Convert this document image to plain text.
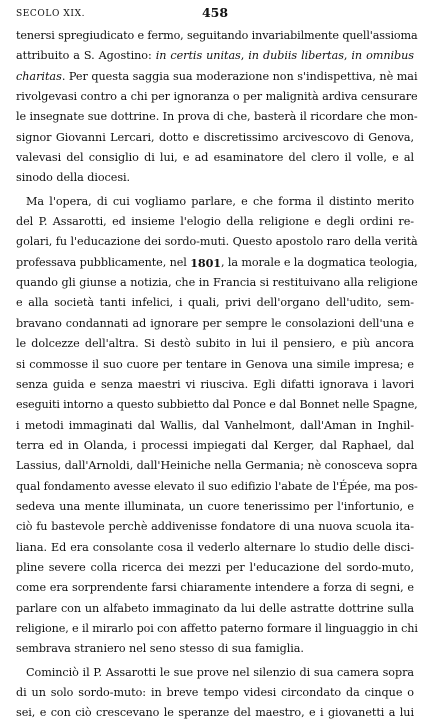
SECOLO XIX.	458
tenersi spregiudicato e fermo, seguitando invariabilmente quell'assioma
attribuito a S. Agostino: in certis unitas , in dubiis libertas , in omnibus
charitas . Per questa saggia sua moderazione non s'indispettiva, nè mai
rivolgevasi contro a chi per ignoranza o per malignità ardiva censurare
le insegnate sue dottrine. In prova di che, basterà il ricordare che mon-
signor Giovanni Lercari, dotto e discretissimo arcivescovo di Genova,
valevasi del consiglio di lui, e ad esaminatore del clero il volle, e al
sinodo della diocesi.
Ma l'opera, di cui vogliamo parlare, e che forma il distinto merito
del P. Assarotti, ed insieme l'elogio della religione e degli ordini re-
golari, fu l'educazione dei sordo-muti. Questo apostolo raro della verità
professava pubblicamente, nel 1801 , la morale e la dogmatica teologia,
quando gli giunse a notizia, che in Francia si restituivano alla religione
e alla società tanti infelici, i quali, privi dell'organo dell'udito, sem-
bravano condannati ad ignorare per sempre le consolazioni dell'una e
le dolcezze dell'altra. Si destò subito in lui il pensiero, e più ancora
si commosse il suo cuore per tentare in Genova una simile impresa; e
senza guida e senza maestri vi riusciva. Egli difatti ignorava i lavori
eseguiti intorno a questo subbietto dal Ponce e dal Bonnet nelle Spagne,
i metodi immaginati dal Wallis, dal Vanhelmont, dall'Aman in Inghil-
terra ed in Olanda, i processi impiegati dal Kerger, dal Raphael, dal
Lassius, dall'Arnoldi, dall'Heiniche nella Germania; nè conosceva sopra
qual fondamento avesse elevato il suo edifizio l'abate de l'Épée, ma pos-
sedeva una mente illuminata, un cuore tenerissimo per l'infortunio, e
ciò fu bastevole perchè addivenisse fondatore di una nuova scuola ita-
liana. Ed era consolante cosa il vederlo alternare lo studio delle disci-
pline severe colla ricerca dei mezzi per l'educazione del sordo-muto,
come era sorprendente farsi chiaramente intendere a forza di segni, e
parlare con un alfabeto immaginato da lui delle astratte dottrine sulla
religione, e il mirarlo poi con affetto paterno formare il linguaggio in chi
sembrava straniero nel seno stesso di sua famiglia.
Cominciò il P. Assarotti le sue prove nel silenzio di sua camera sopra
di un solo sordo-muto: in breve tempo videsi circondato da cinque o
sei, e con ciò crescevano le speranze del maestro, e i giovanetti a lui
